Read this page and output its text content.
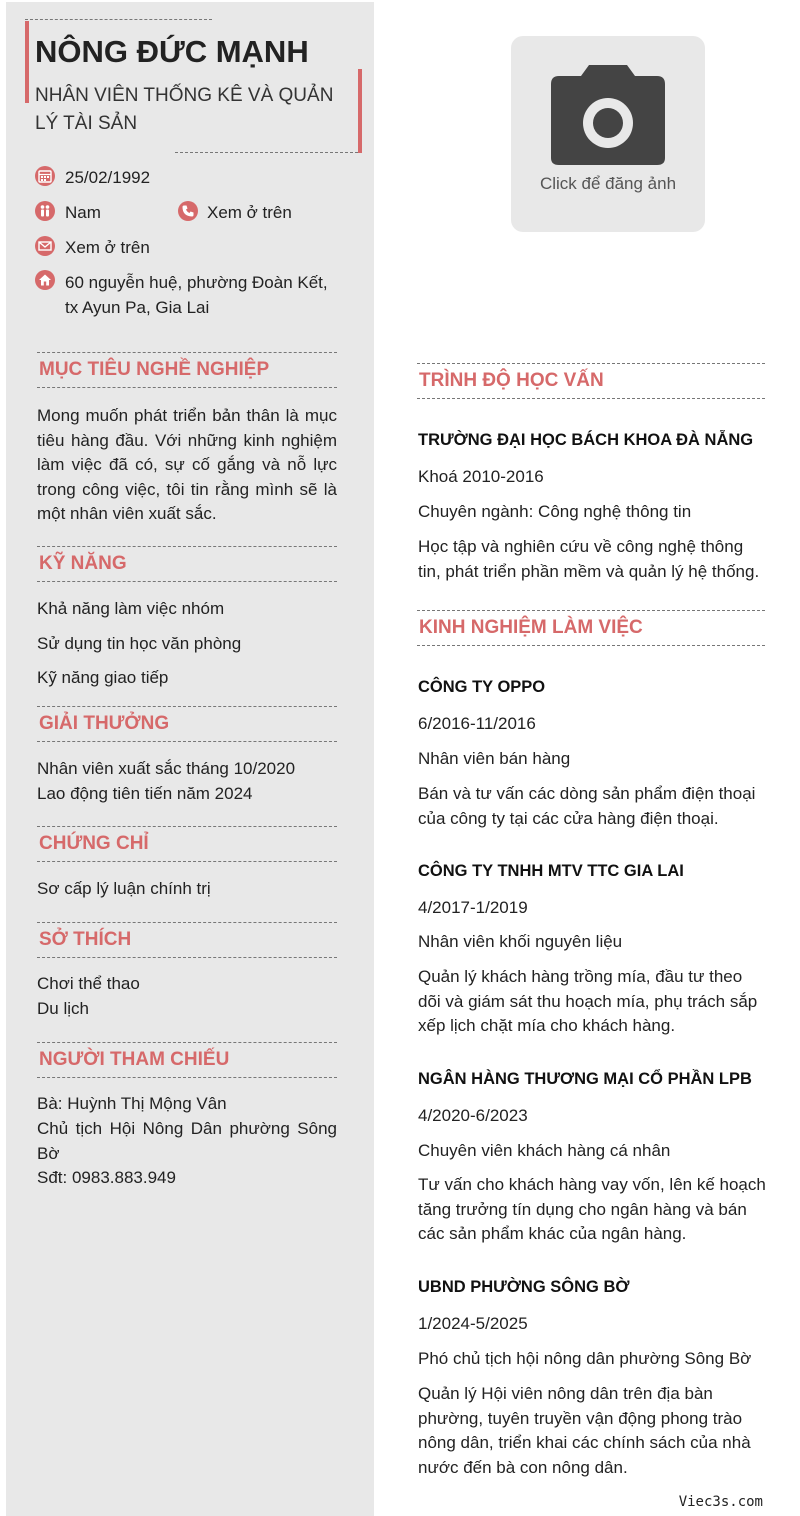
NÔNG ĐỨC MẠNH
NHÂN VIÊN THỐNG KÊ VÀ QUẢN LÝ TÀI SẢN
25/02/1992
Nam	Xem ở trên
Xem ở trên
60 nguyễn huệ, phường Đoàn Kết, tx Ayun Pa, Gia Lai
Click để đăng ảnh
MỤC TIÊU NGHỀ NGHIỆP
Mong muốn phát triển bản thân là mục tiêu hàng đầu. Với những kinh nghiệm làm việc đã có, sự cố gắng và nỗ lực trong công việc, tôi tin rằng mình sẽ là một nhân viên xuất sắc.
KỸ NĂNG
Khả năng làm việc nhóm
Sử dụng tin học văn phòng
Kỹ năng giao tiếp
GIẢI THƯỞNG
Nhân viên xuất sắc tháng 10/2020
Lao động tiên tiến năm 2024
CHỨNG CHỈ
Sơ cấp lý luận chính trị
SỞ THÍCH
Chơi thể thao
Du lịch
NGƯỜI THAM CHIẾU
Bà: Huỳnh Thị Mộng Vân
Chủ tịch Hội Nông Dân phường Sông Bờ
Sđt: 0983.883.949
TRÌNH ĐỘ HỌC VẤN
TRƯỜNG ĐẠI HỌC BÁCH KHOA ĐÀ NẴNG
Khoá 2010-2016
Chuyên ngành: Công nghệ thông tin
Học tập và nghiên cứu về công nghệ thông tin, phát triển phần mềm và quản lý hệ thống.
KINH NGHIỆM LÀM VIỆC
CÔNG TY OPPO
6/2016-11/2016
Nhân viên bán hàng
Bán và tư vấn các dòng sản phẩm điện thoại của công ty tại các cửa hàng điện thoại.
CÔNG TY TNHH MTV TTC GIA LAI
4/2017-1/2019
Nhân viên khối nguyên liệu
Quản lý khách hàng trồng mía, đầu tư theo dõi và giám sát thu hoạch mía, phụ trách sắp xếp lịch chặt mía cho khách hàng.
NGÂN HÀNG THƯƠNG MẠI CỔ PHẦN LPB
4/2020-6/2023
Chuyên viên khách hàng cá nhân
Tư vấn cho khách hàng vay vốn, lên kế hoạch tăng trưởng tín dụng cho ngân hàng và bán các sản phẩm khác của ngân hàng.
UBND PHƯỜNG SÔNG BỜ
1/2024-5/2025
Phó chủ tịch hội nông dân phường Sông Bờ
Quản lý Hội viên nông dân trên địa bàn phường, tuyên truyền vận động phong trào nông dân, triển khai các chính sách của nhà nước đến bà con nông dân.
Viec3s.com
